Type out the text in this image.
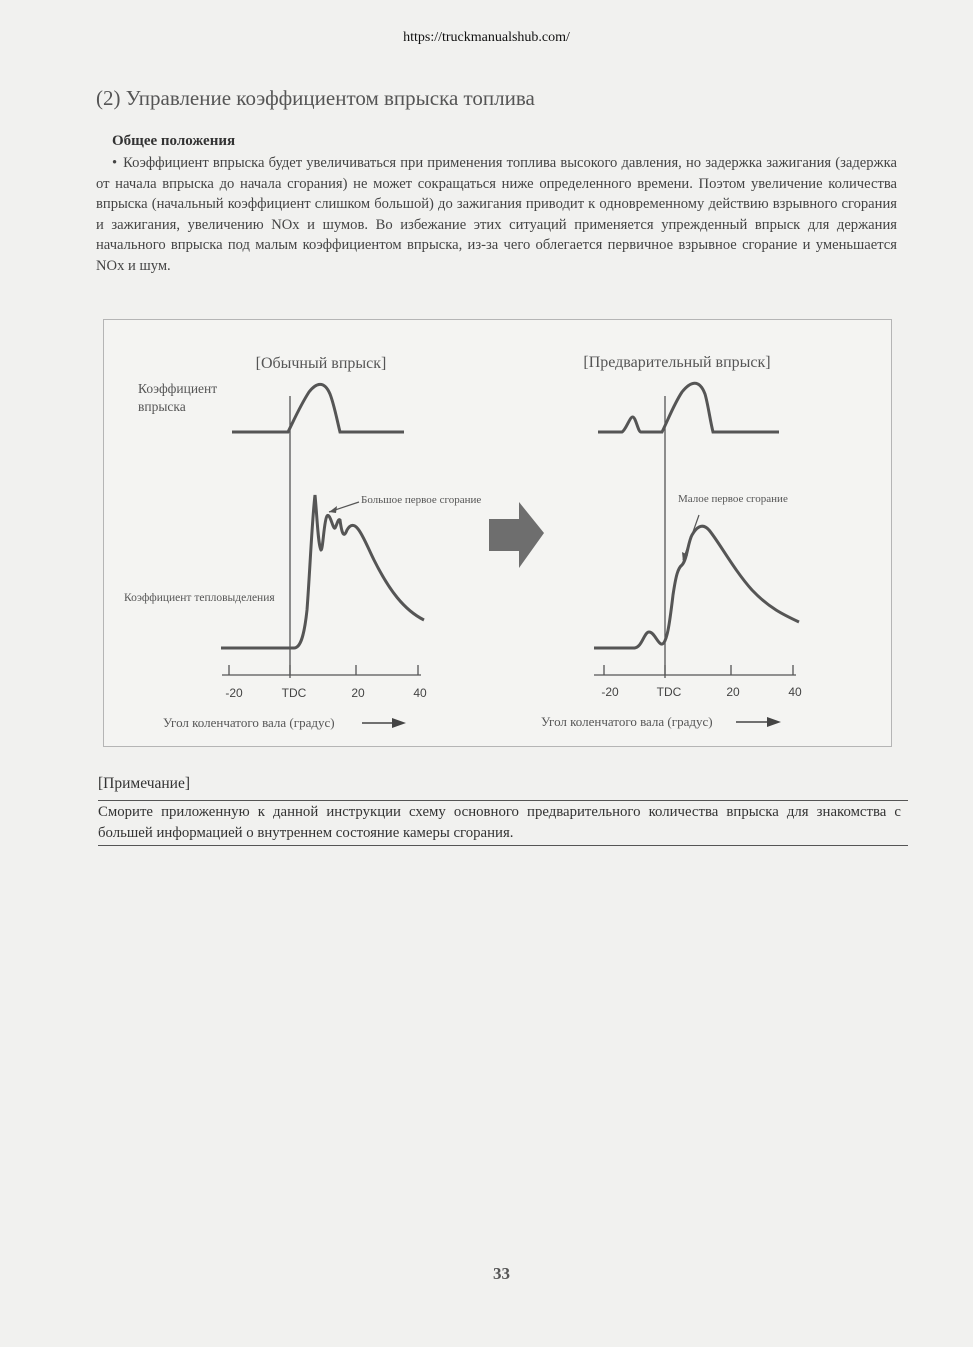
https://truckmanualshub.com/
(2) Управление коэффициентом впрыска топлива
Общее положения
• Коэффициент впрыска будет увеличиваться при применения топлива высокого давления, но задержка зажигания (задержка от начала впрыска до начала сгорания) не может сокращаться ниже определенного времени. Поэтом увеличение количества впрыска (начальный коэффициент слишком большой) до зажигания приводит к одновременному действию взрывного сгорания и зажигания, увеличению NOx и шумов. Во избежание этих ситуаций применяется упрежденный впрыск для держания начального впрыска под малым коэффициентом впрыска, из-за чего облегается первичное взрывное сгорание и уменьшается NOx и шум.
[Обычный впрыск]	[Предварительный впрыск]
Коэффициент
впрыска
Коэффициент тепловыделения
Большое первое сгорание
-20	TDC	20	40
Угол коленчатого вала (градус)
Малое первое сгорание
-20	TDC	20	40
Угол коленчатого вала (градус)
[Примечание]
Сморите приложенную к данной инструкции схему основного предварительного количества впрыска для знакомства с большей информацией о внутреннем состояние камеры сгорания.
33
